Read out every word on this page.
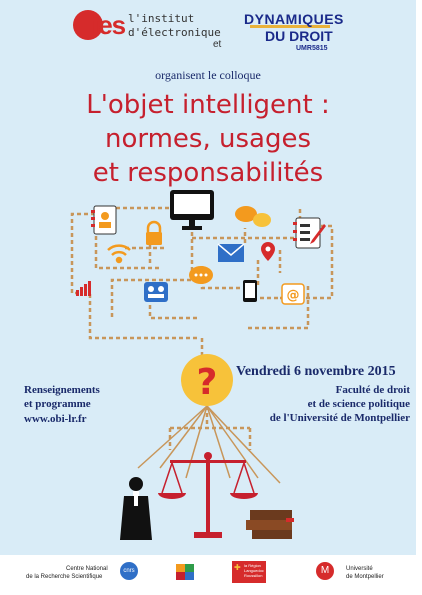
ies l'institut
d'électronique
et
DYNAMIQUES
DU DROIT
UMR5815
organisent le colloque
L'objet intelligent :
normes, usages
et responsabilités
@
? Vendredi 6 novembre 2015
Faculté de droit
et de science politique
de l'Université de Montpellier
Renseignements
et programme
www.obi-lr.fr
Centre National
de la Recherche Scientifique
cnrs	✚ la Région
Languedoc
Roussillon	M	Université
de Montpellier
